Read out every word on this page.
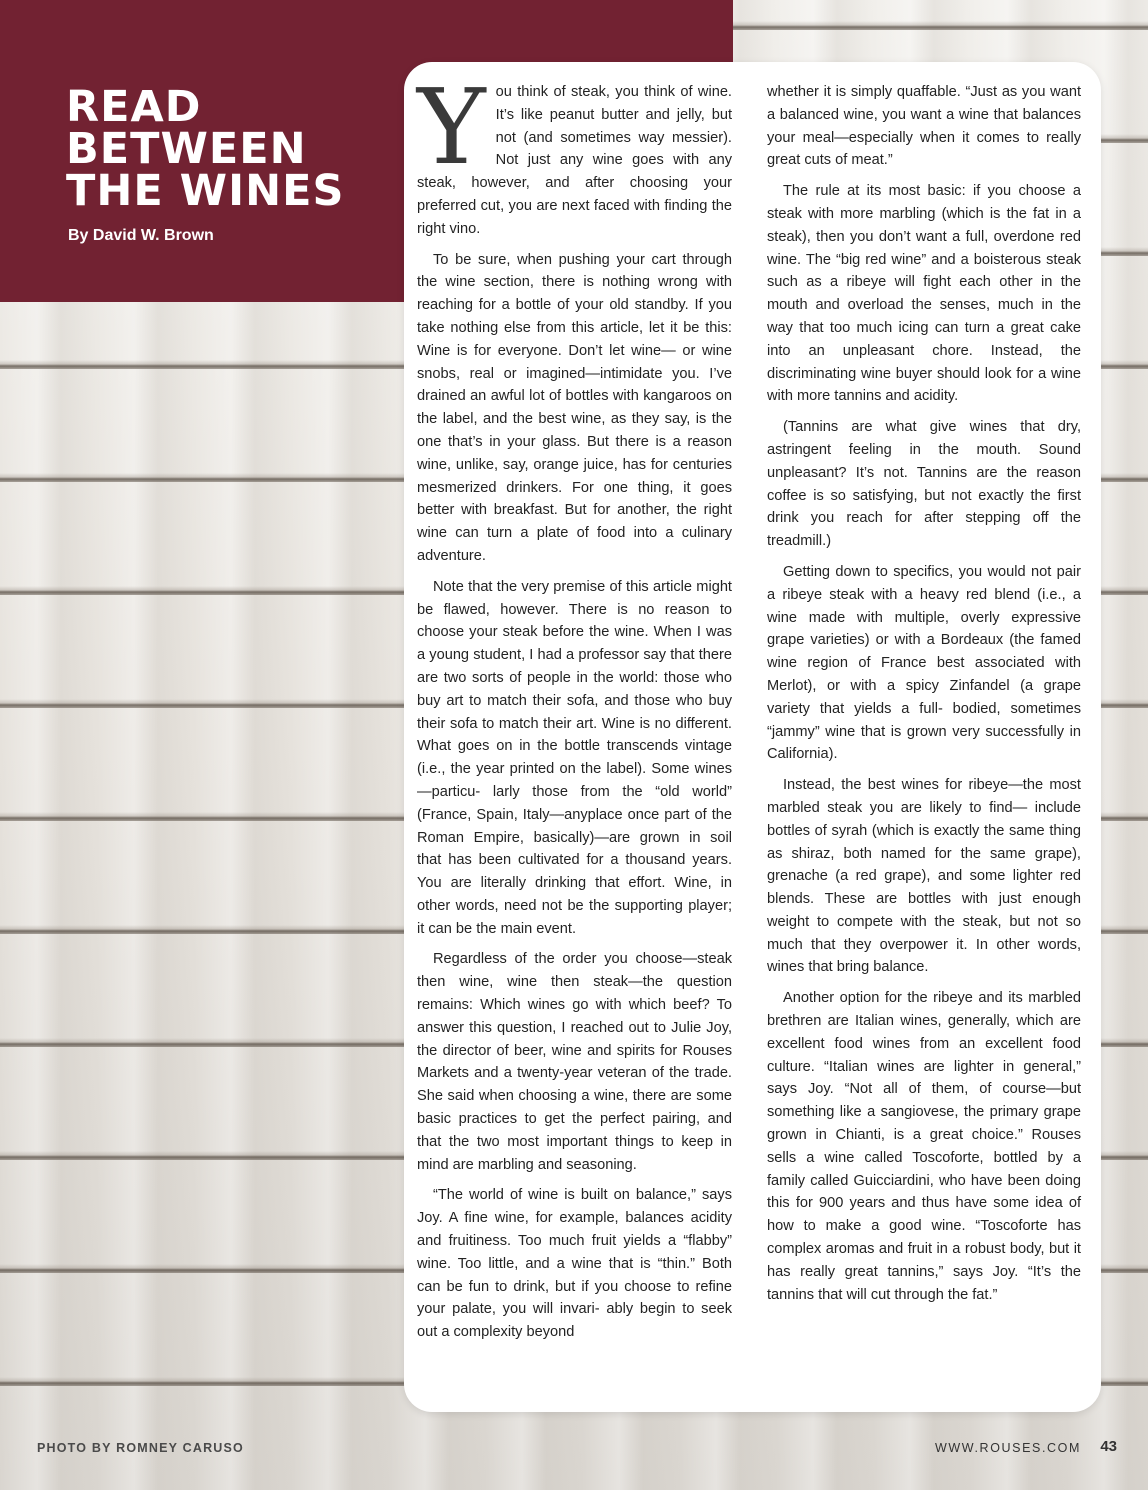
READ
BETWEEN
THE WINES
By David W. Brown

You think of steak, you think of wine. It’s like peanut butter and jelly, but not (and sometimes way messier). Not just any wine goes with any steak, however, and after choosing your preferred cut, you are next faced with finding the right vino.

To be sure, when pushing your cart through the wine section, there is nothing wrong with reaching for a bottle of your old standby. If you take nothing else from this article, let it be this: Wine is for everyone. Don’t let wine— or wine snobs, real or imagined—intimidate you. I’ve drained an awful lot of bottles with kangaroos on the label, and the best wine, as they say, is the one that’s in your glass. But there is a reason wine, unlike, say, orange juice, has for centuries mesmerized drinkers. For one thing, it goes better with breakfast. But for another, the right wine can turn a plate of food into a culinary adventure.

Note that the very premise of this article might be flawed, however. There is no reason to choose your steak before the wine. When I was a young student, I had a professor say that there are two sorts of people in the world: those who buy art to match their sofa, and those who buy their sofa to match their art. Wine is no different. What goes on in the bottle transcends vintage (i.e., the year printed on the label). Some wines—particu- larly those from the “old world” (France, Spain, Italy—anyplace once part of the Roman Empire, basically)—are grown in soil that has been cultivated for a thousand years. You are literally drinking that effort. Wine, in other words, need not be the supporting player; it can be the main event.

Regardless of the order you choose—steak then wine, wine then steak—the question remains: Which wines go with which beef? To answer this question, I reached out to Julie Joy, the director of beer, wine and spirits for Rouses Markets and a twenty-year veteran of the trade. She said when choosing a wine, there are some basic practices to get the perfect pairing, and that the two most important things to keep in mind are marbling and seasoning.

“The world of wine is built on balance,” says Joy. A fine wine, for example, balances acidity and fruitiness. Too much fruit yields a “flabby” wine. Too little, and a wine that is “thin.” Both can be fun to drink, but if you choose to refine your palate, you will invari- ably begin to seek out a complexity beyond

whether it is simply quaffable. “Just as you want a balanced wine, you want a wine that balances your meal—especially when it comes to really great cuts of meat.”

The rule at its most basic: if you choose a steak with more marbling (which is the fat in a steak), then you don’t want a full, overdone red wine. The “big red wine” and a boisterous steak such as a ribeye will fight each other in the mouth and overload the senses, much in the way that too much icing can turn a great cake into an unpleasant chore. Instead, the discriminating wine buyer should look for a wine with more tannins and acidity.

(Tannins are what give wines that dry, astringent feeling in the mouth. Sound unpleasant? It’s not. Tannins are the reason coffee is so satisfying, but not exactly the first drink you reach for after stepping off the treadmill.)

Getting down to specifics, you would not pair a ribeye steak with a heavy red blend (i.e., a wine made with multiple, overly expressive grape varieties) or with a Bordeaux (the famed wine region of France best associated with Merlot), or with a spicy Zinfandel (a grape variety that yields a full- bodied, sometimes “jammy” wine that is grown very successfully in California).

Instead, the best wines for ribeye—the most marbled steak you are likely to find— include bottles of syrah (which is exactly the same thing as shiraz, both named for the same grape), grenache (a red grape), and some lighter red blends. These are bottles with just enough weight to compete with the steak, but not so much that they overpower it. In other words, wines that bring balance.

Another option for the ribeye and its marbled brethren are Italian wines, generally, which are excellent food wines from an excellent food culture. “Italian wines are lighter in general,” says Joy. “Not all of them, of course—but something like a sangiovese, the primary grape grown in Chianti, is a great choice.” Rouses sells a wine called Toscoforte, bottled by a family called Guicciardini, who have been doing this for 900 years and thus have some idea of how to make a good wine. “Toscoforte has complex aromas and fruit in a robust body, but it has really great tannins,” says Joy. “It’s the tannins that will cut through the fat.”

PHOTO BY ROMNEY CARUSO	WWW.ROUSES.COM 43
